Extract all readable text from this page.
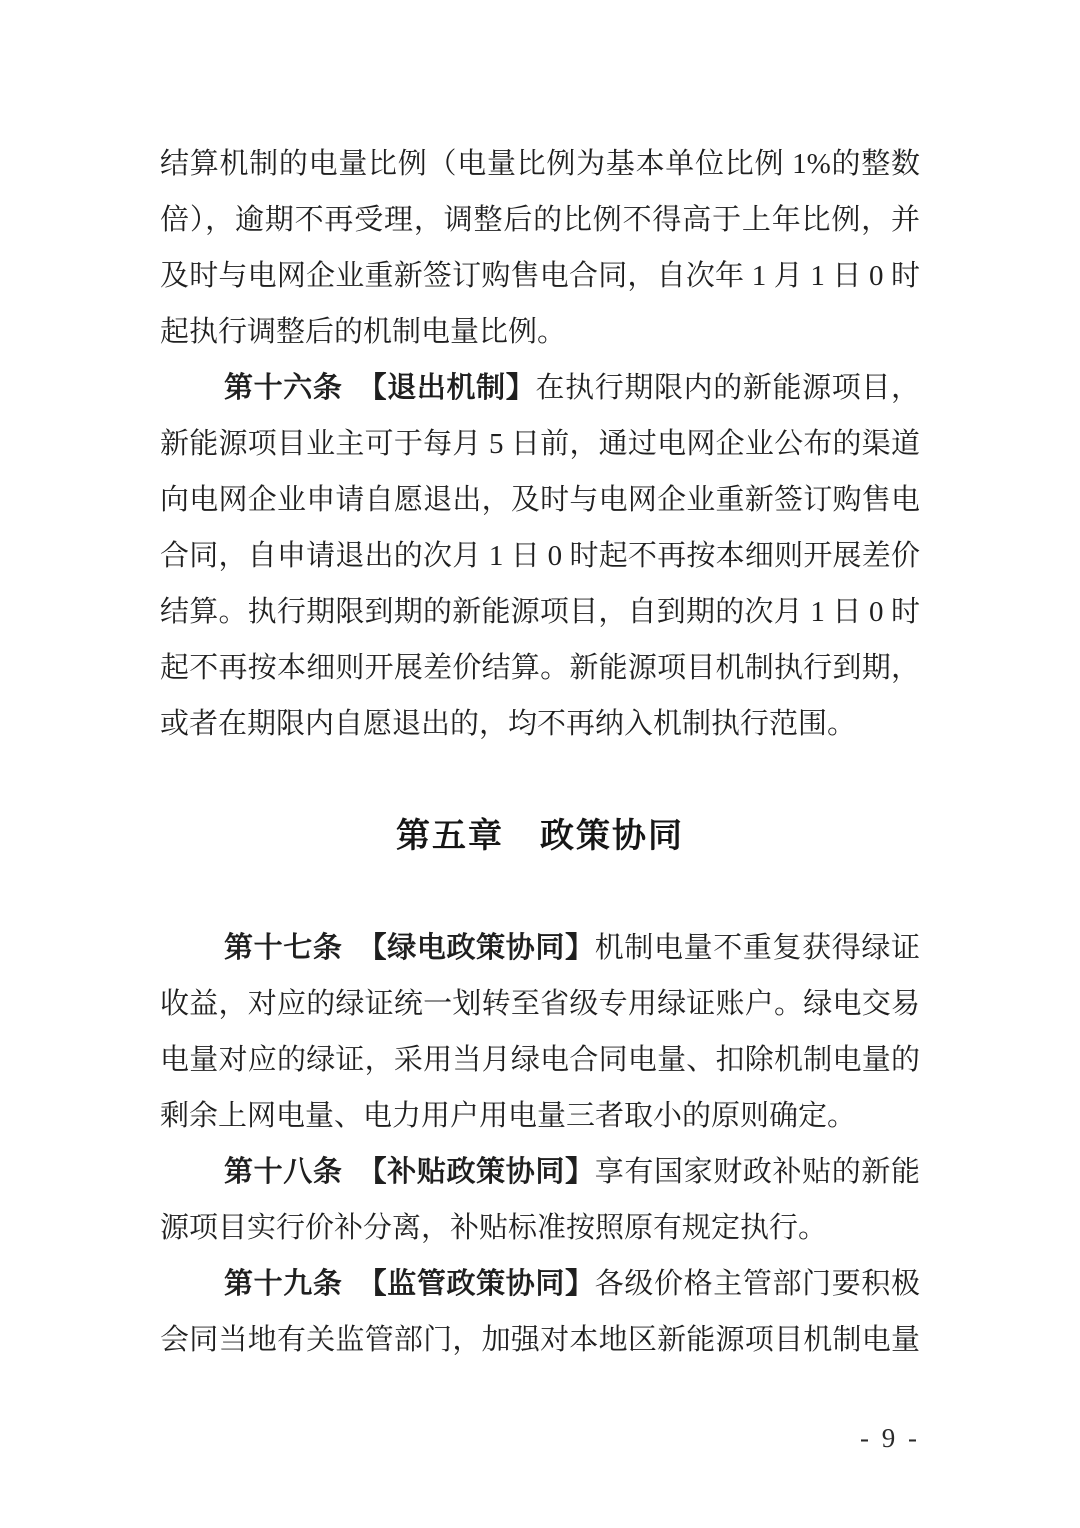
结算机制的电量比例（电量比例为基本单位比例 1%的整数
倍），逾期不再受理，调整后的比例不得高于上年比例，并
及时与电网企业重新签订购售电合同，自次年 1 月 1 日 0 时
起执行调整后的机制电量比例。
第十六条　 【退出机制】在执行期限内的新能源项目，
新能源项目业主可于每月 5 日前，通过电网企业公布的渠道
向电网企业申请自愿退出，及时与电网企业重新签订购售电
合同，自申请退出的次月 1 日 0 时起不再按本细则开展差价
结算。执行期限到期的新能源项目，自到期的次月 1 日 0 时
起不再按本细则开展差价结算。新能源项目机制执行到期，
或者在期限内自愿退出的，均不再纳入机制执行范围。
第五章　政策协同
第十七条　 【绿电政策协同】机制电量不重复获得绿证
收益，对应的绿证统一划转至省级专用绿证账户。绿电交易
电量对应的绿证，采用当月绿电合同电量、扣除机制电量的
剩余上网电量、电力用户用电量三者取小的原则确定。
第十八条　 【补贴政策协同】享有国家财政补贴的新能
源项目实行价补分离，补贴标准按照原有规定执行。
第十九条　 【监管政策协同】各级价格主管部门要积极
会同当地有关监管部门，加强对本地区新能源项目机制电量
- 9 -
